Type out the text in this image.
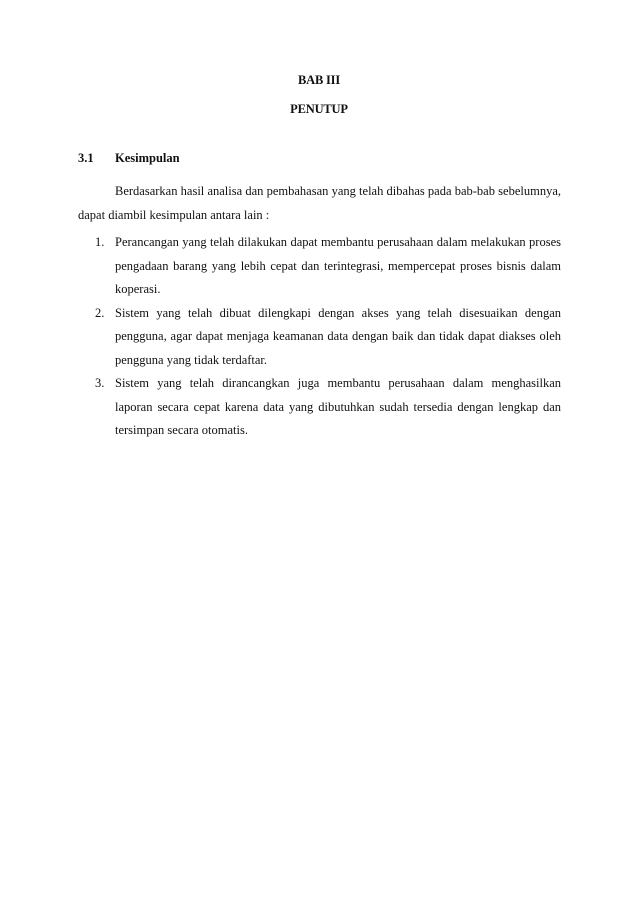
BAB III
PENUTUP
3.1 Kesimpulan

Berdasarkan hasil analisa dan pembahasan yang telah dibahas pada bab-bab sebelumnya, dapat diambil kesimpulan antara lain :

1. Perancangan yang telah dilakukan dapat membantu perusahaan dalam melakukan proses pengadaan barang yang lebih cepat dan terintegrasi, mempercepat proses bisnis dalam koperasi.
2. Sistem yang telah dibuat dilengkapi dengan akses yang telah disesuaikan dengan pengguna, agar dapat menjaga keamanan data dengan baik dan tidak dapat diakses oleh pengguna yang tidak terdaftar.
3. Sistem yang telah dirancangkan juga membantu perusahaan dalam menghasilkan laporan secara cepat karena data yang dibutuhkan sudah tersedia dengan lengkap dan tersimpan secara otomatis.
